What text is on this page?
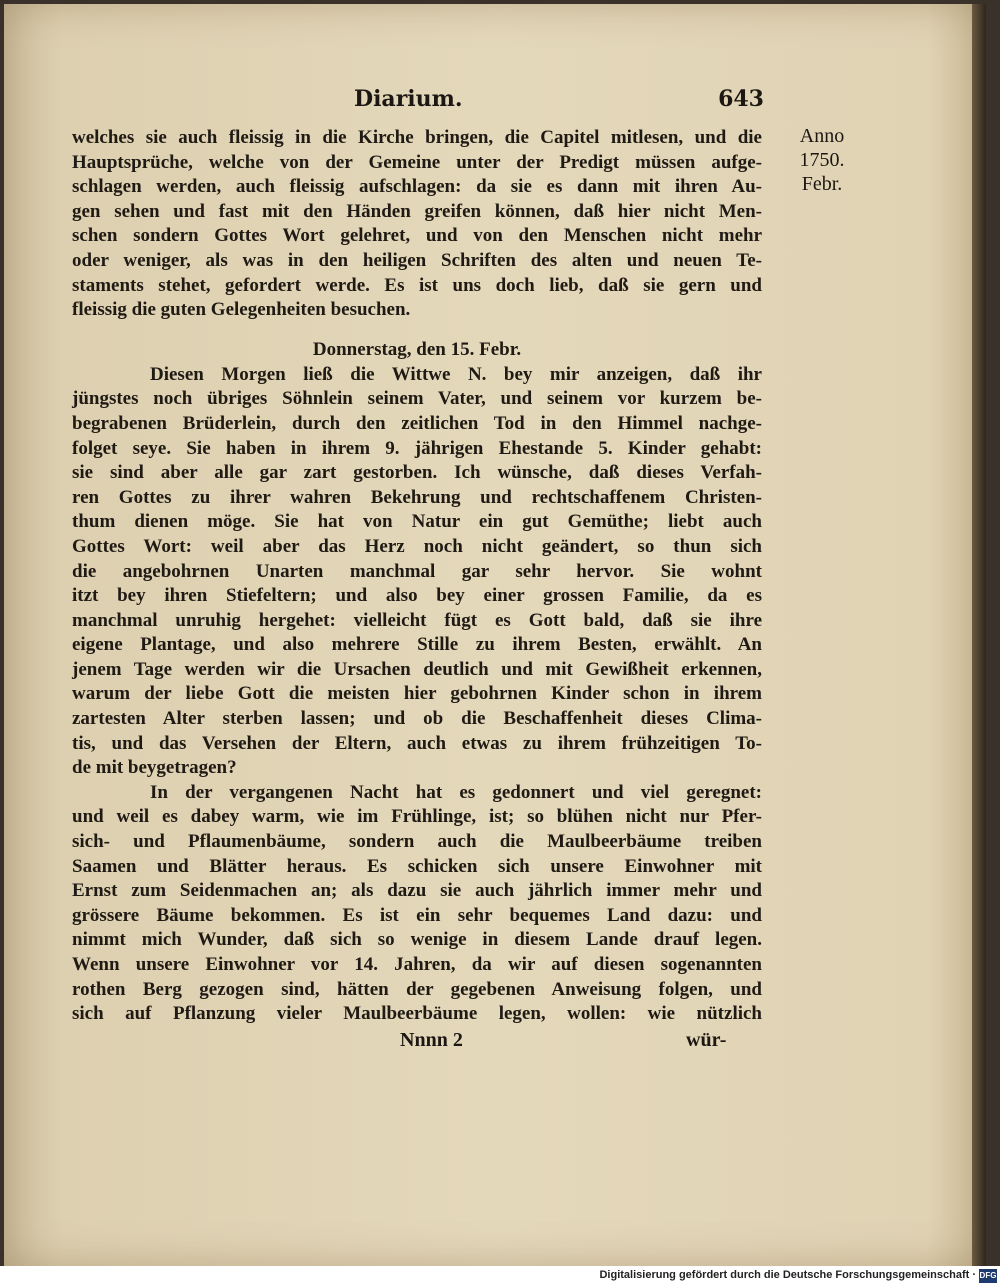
Diarium.	643
Anno
1750.
Febr.
welches sie auch fleissig in die Kirche bringen, die Capitel mitlesen, und die
Hauptsprüche, welche von der Gemeine unter der Predigt müssen aufge-
schlagen werden, auch fleissig aufschlagen: da sie es dann mit ihren Au-
gen sehen und fast mit den Händen greifen können, daß hier nicht Men-
schen sondern Gottes Wort gelehret, und von den Menschen nicht mehr
oder weniger, als was in den heiligen Schriften des alten und neuen Te-
staments stehet, gefordert werde. Es ist uns doch lieb, daß sie gern und
fleissig die guten Gelegenheiten besuchen.
Donnerstag, den 15. Febr.
Diesen Morgen ließ die Wittwe N. bey mir anzeigen, daß ihr
jüngstes noch übriges Söhnlein seinem Vater, und seinem vor kurzem be-
begrabenen Brüderlein, durch den zeitlichen Tod in den Himmel nachge-
folget seye. Sie haben in ihrem 9. jährigen Ehestande 5. Kinder gehabt:
sie sind aber alle gar zart gestorben. Ich wünsche, daß dieses Verfah-
ren Gottes zu ihrer wahren Bekehrung und rechtschaffenem Christen-
thum dienen möge. Sie hat von Natur ein gut Gemüthe; liebt auch
Gottes Wort: weil aber das Herz noch nicht geändert, so thun sich
die angebohrnen Unarten manchmal gar sehr hervor. Sie wohnt
itzt bey ihren Stiefeltern; und also bey einer grossen Familie, da es
manchmal unruhig hergehet: vielleicht fügt es Gott bald, daß sie ihre
eigene Plantage, und also mehrere Stille zu ihrem Besten, erwählt. An
jenem Tage werden wir die Ursachen deutlich und mit Gewißheit erkennen,
warum der liebe Gott die meisten hier gebohrnen Kinder schon in ihrem
zartesten Alter sterben lassen; und ob die Beschaffenheit dieses Clima-
tis, und das Versehen der Eltern, auch etwas zu ihrem frühzeitigen To-
de mit beygetragen?
In der vergangenen Nacht hat es gedonnert und viel geregnet:
und weil es dabey warm, wie im Frühlinge, ist; so blühen nicht nur Pfer-
sich- und Pflaumenbäume, sondern auch die Maulbeerbäume treiben
Saamen und Blätter heraus. Es schicken sich unsere Einwohner mit
Ernst zum Seidenmachen an; als dazu sie auch jährlich immer mehr und
grössere Bäume bekommen. Es ist ein sehr bequemes Land dazu: und
nimmt mich Wunder, daß sich so wenige in diesem Lande drauf legen.
Wenn unsere Einwohner vor 14. Jahren, da wir auf diesen sogenannten
rothen Berg gezogen sind, hätten der gegebenen Anweisung folgen, und
sich auf Pflanzung vieler Maulbeerbäume legen, wollen: wie nützlich
Nnnn 2	wür-
Digitalisierung gefördert durch die Deutsche Forschungsgemeinschaft · DFG
